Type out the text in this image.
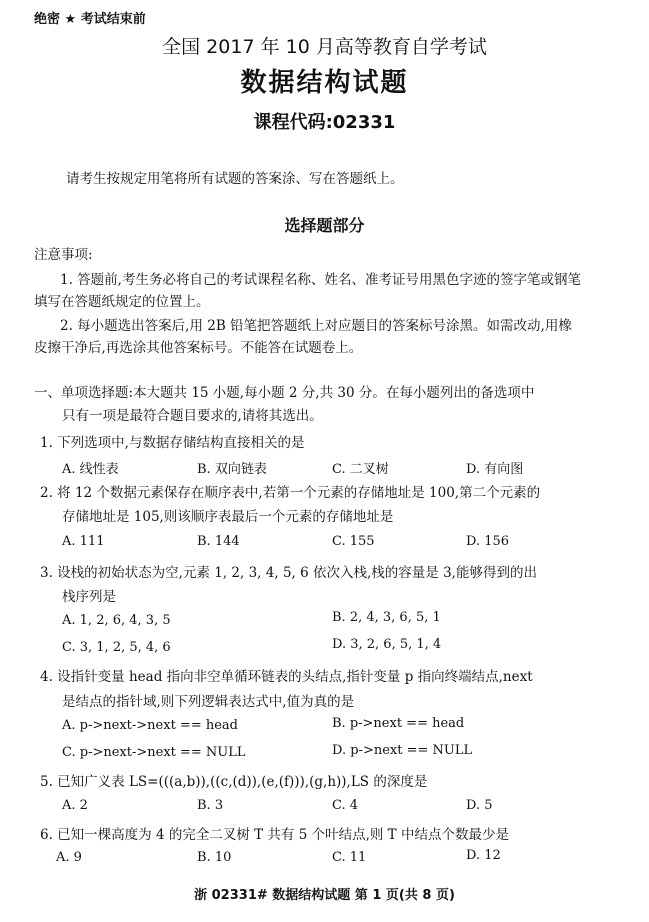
绝密 ★ 考试结束前
全国 2017 年 10 月高等教育自学考试
数据结构试题
课程代码:02331
请考生按规定用笔将所有试题的答案涂、写在答题纸上。
选择题部分
注意事项:
1. 答题前,考生务必将自己的考试课程名称、姓名、准考证号用黑色字迹的签字笔或钢笔
填写在答题纸规定的位置上。
2. 每小题选出答案后,用 2B 铅笔把答题纸上对应题目的答案标号涂黑。如需改动,用橡
皮擦干净后,再选涂其他答案标号。不能答在试题卷上。
一、单项选择题:本大题共 15 小题,每小题 2 分,共 30 分。在每小题列出的备选项中
只有一项是最符合题目要求的,请将其选出。
1. 下列选项中,与数据存储结构直接相关的是
A. 线性表	B. 双向链表	C. 二叉树	D. 有向图
2. 将 12 个数据元素保存在顺序表中,若第一个元素的存储地址是 100,第二个元素的
存储地址是 105,则该顺序表最后一个元素的存储地址是
A. 111	B. 144	C. 155	D. 156
3. 设栈的初始状态为空,元素 1, 2, 3, 4, 5, 6 依次入栈,栈的容量是 3,能够得到的出
栈序列是
A. 1, 2, 6, 4, 3, 5	B. 2, 4, 3, 6, 5, 1
C. 3, 1, 2, 5, 4, 6	D. 3, 2, 6, 5, 1, 4
4. 设指针变量 head 指向非空单循环链表的头结点,指针变量 p 指向终端结点,next
是结点的指针域,则下列逻辑表达式中,值为真的是
A. p->next->next == head	B. p->next == head
C. p->next->next == NULL	D. p->next == NULL
5. 已知广义表 LS=(((a,b)),((c,(d)),(e,(f))),(g,h)),LS 的深度是
A. 2	B. 3	C. 4	D. 5
6. 已知一棵高度为 4 的完全二叉树 T 共有 5 个叶结点,则 T 中结点个数最少是
A. 9	B. 10	C. 11	D. 12
浙 02331# 数据结构试题 第 1 页(共 8 页)
